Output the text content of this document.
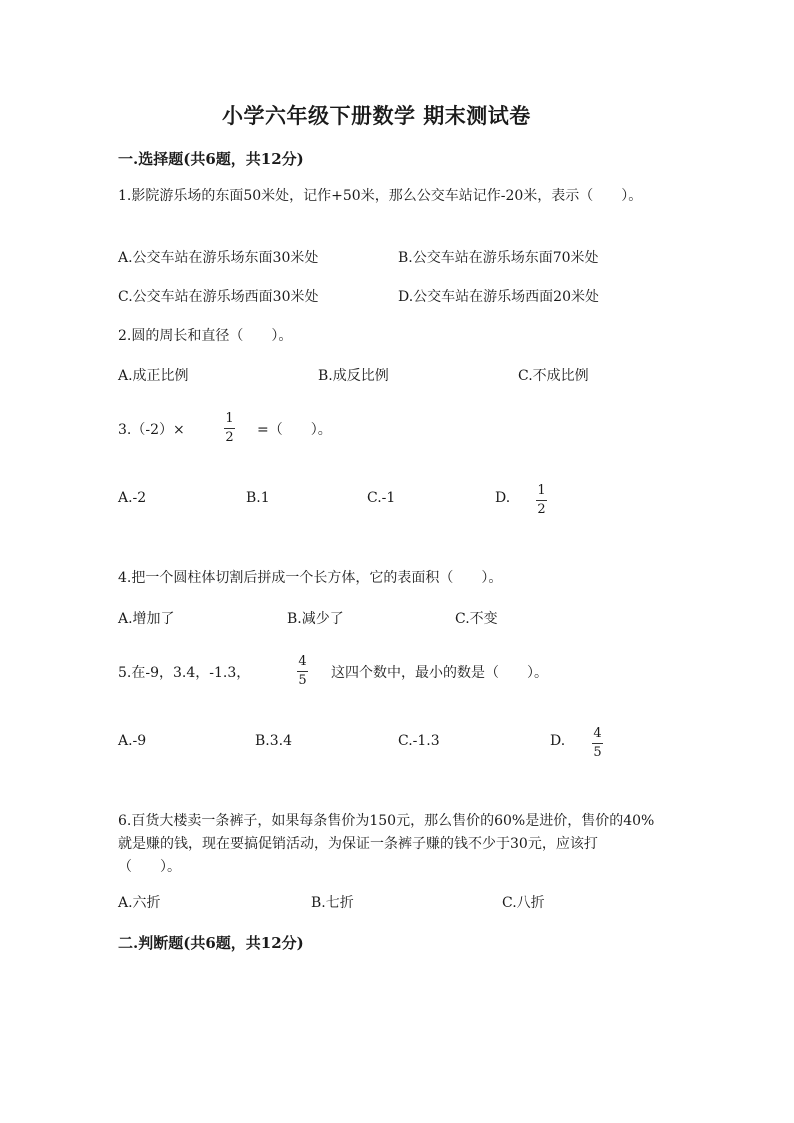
小学六年级下册数学 期末测试卷
一.选择题(共6题，共12分)
1.影院游乐场的东面50米处，记作+50米，那么公交车站记作-20米，表示（　　）。
A.公交车站在游乐场东面30米处	B.公交车站在游乐场东面70米处
C.公交车站在游乐场西面30米处	D.公交车站在游乐场西面20米处
2.圆的周长和直径（　　）。
A.成正比例	B.成反比例	C.不成比例
3.（-2）×
1
2 =（　　）。
A.-2	B.1	C.-1	D. 1
2
4.把一个圆柱体切割后拼成一个长方体，它的表面积（　　）。
A.增加了	B.减少了	C.不变
5.在-9，3.4，-1.3，
4
5 这四个数中，最小的数是（　　）。
A.-9	B.3.4	C.-1.3	D. 4
5
6.百货大楼卖一条裤子，如果每条售价为150元，那么售价的60%是进价，售价的40%就是赚的钱，现在要搞促销活动，为保证一条裤子赚的钱不少于30元，应该打（　　）。
A.六折	B.七折	C.八折
二.判断题(共6题，共12分)
